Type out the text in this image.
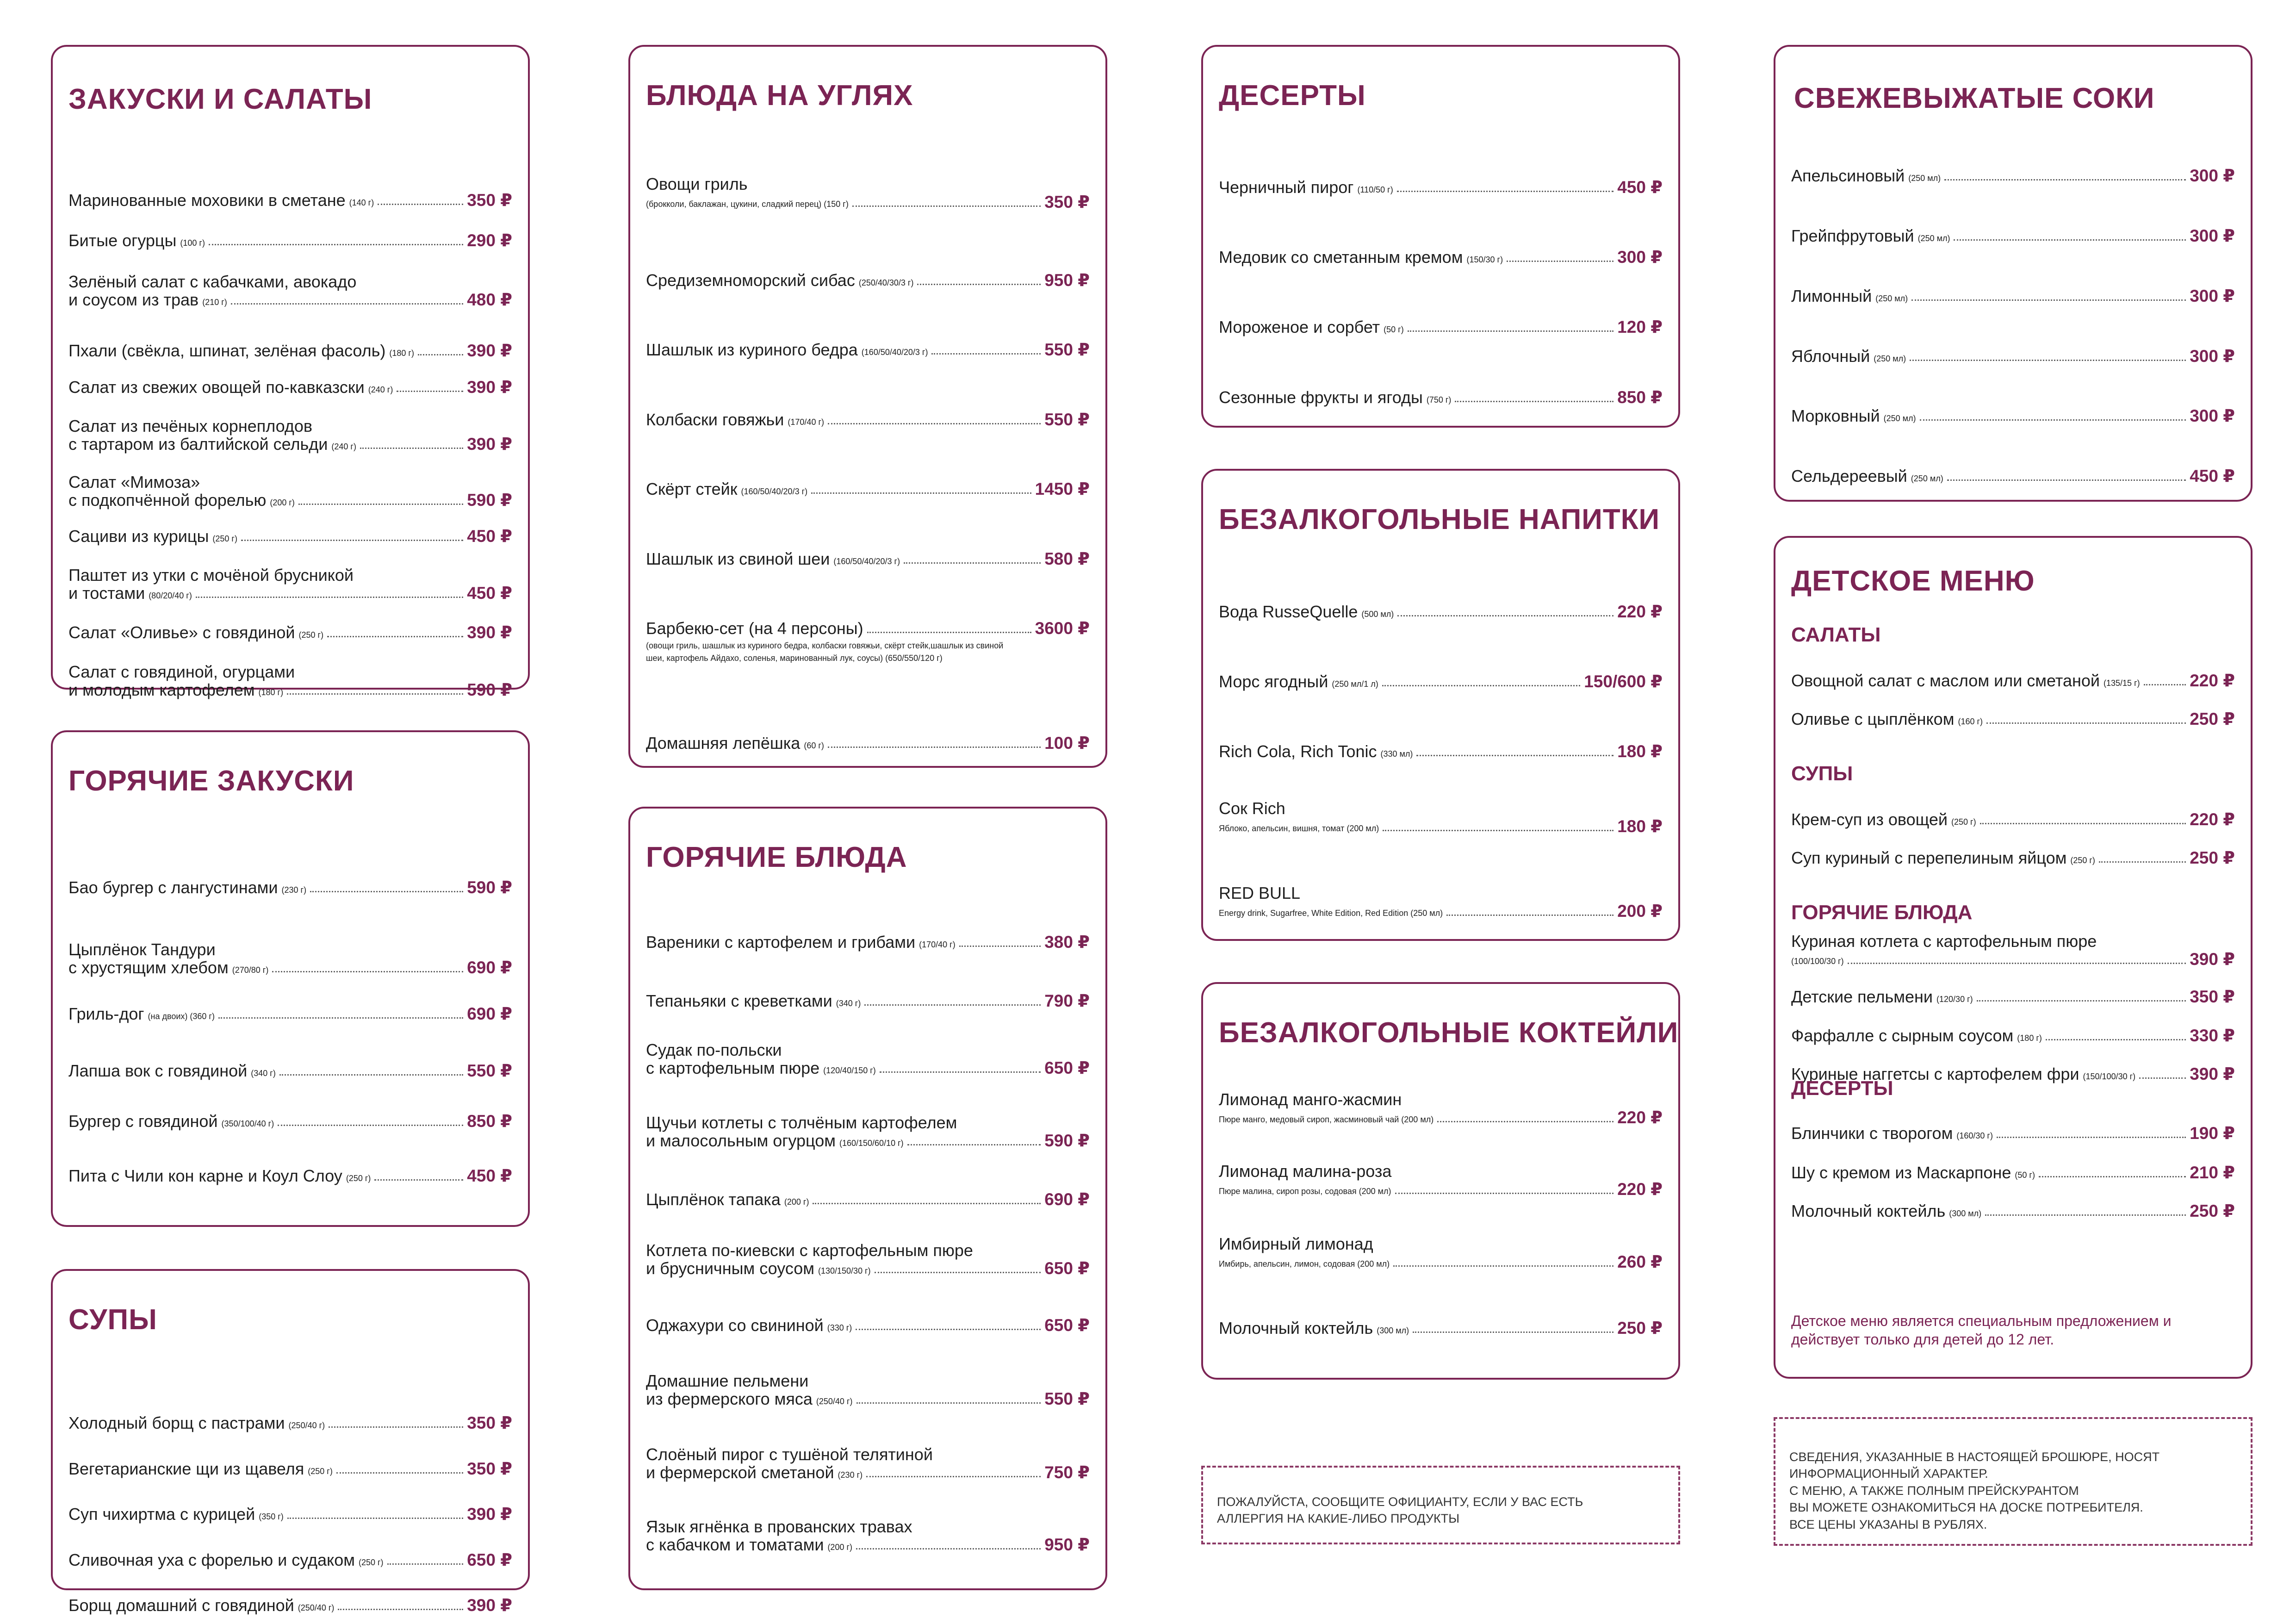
ЗАКУСКИ И САЛАТЫ
Маринованные моховики в сметане (140 г)	350 ₽
Битые огурцы (100 г)	290 ₽
Зелёный салат с кабачками, авокадо
и соусом из трав (210 г)	480 ₽
Пхали (свёкла, шпинат, зелёная фасоль) (180 г)	390 ₽
Салат из свежих овощей по-кавказски (240 г)	390 ₽
Салат из печёных корнеплодов
с тартаром из балтийской сельди (240 г)	390 ₽
Салат «Мимоза»
с подкопчённой форелью (200 г)	590 ₽
Сациви из курицы (250 г)	450 ₽
Паштет из утки с мочёной брусникой
и тостами (80/20/40 г)	450 ₽
Салат «Оливье» с говядиной (250 г)	390 ₽
Салат с говядиной, огурцами
и молодым картофелем (180 г)	590 ₽
ГОРЯЧИЕ ЗАКУСКИ
Бао бургер с лангустинами (230 г)	590 ₽
Цыплёнок Тандури
с хрустящим хлебом (270/80 г)	690 ₽
Гриль-дог (на двоих) (360 г)	690 ₽
Лапша вок с говядиной (340 г)	550 ₽
Бургер с говядиной (350/100/40 г)	850 ₽
Пита с Чили кон карне и Коул Слоу (250 г)	450 ₽
СУПЫ
Холодный борщ с пастрами (250/40 г)	350 ₽
Вегетарианские щи из щавеля (250 г)	350 ₽
Суп чихиртма с курицей (350 г)	390 ₽
Сливочная уха с форелью и судаком (250 г)	650 ₽
Борщ домашний с говядиной (250/40 г)	390 ₽
БЛЮДА НА УГЛЯХ
Овощи гриль
(брокколи, баклажан, цукини, сладкий перец) (150 г)	350 ₽
Средиземноморский сибас (250/40/30/3 г)	950 ₽
Шашлык из куриного бедра (160/50/40/20/3 г)	550 ₽
Колбаски говяжьи (170/40 г)	550 ₽
Скёрт стейк (160/50/40/20/3 г)	1450 ₽
Шашлык из свиной шеи (160/50/40/20/3 г)	580 ₽
Барбекю-сет (на 4 персоны)	3600 ₽
(овощи гриль, шашлык из куриного бедра, колбаски говяжьи, скёрт стейк,шашлык из свиной шеи, картофель Айдахо, соленья, маринованный лук, соусы) (650/550/120 г)
Домашняя лепёшка (60 г)	100 ₽
ГОРЯЧИЕ БЛЮДА
Вареники с картофелем и грибами (170/40 г)	380 ₽
Тепаньяки с креветками (340 г)	790 ₽
Судак по-польски
с картофельным пюре (120/40/150 г)	650 ₽
Щучьи котлеты с толчёным картофелем
и малосольным огурцом (160/150/60/10 г)	590 ₽
Цыплёнок тапака (200 г)	690 ₽
Котлета по-киевски с картофельным пюре
и брусничным соусом (130/150/30 г)	650 ₽
Оджахури со свининой (330 г)	650 ₽
Домашние пельмени
из фермерского мяса (250/40 г)	550 ₽
Слоёный пирог с тушёной телятиной
и фермерской сметаной (230 г)	750 ₽
Язык ягнёнка в прованских травах
с кабачком и томатами (200 г)	950 ₽
ДЕСЕРТЫ
Черничный пирог (110/50 г)	450 ₽
Медовик со сметанным кремом (150/30 г)	300 ₽
Мороженое и сорбет (50 г)	120 ₽
Сезонные фрукты и ягоды (750 г)	850 ₽
БЕЗАЛКОГОЛЬНЫЕ НАПИТКИ
Вода RusseQuelle (500 мл)	220 ₽
Морс ягодный (250 мл/1 л)	150/600 ₽
Rich Cola, Rich Tonic (330 мл)	180 ₽
Сок Rich
Яблоко, апельсин, вишня, томат (200 мл)	180 ₽
RED BULL
Energy drink, Sugarfree, White Edition, Red Edition (250 мл)	200 ₽
БЕЗАЛКОГОЛЬНЫЕ КОКТЕЙЛИ
Лимонад манго-жасмин
Пюре манго, медовый сироп, жасминовый чай (200 мл)	220 ₽
Лимонад малина-роза
Пюре малина, сироп розы, содовая (200 мл)	220 ₽
Имбирный лимонад
Имбирь, апельсин, лимон, содовая (200 мл)	260 ₽
Молочный коктейль (300 мл)	250 ₽
ПОЖАЛУЙСТА, СООБЩИТЕ ОФИЦИАНТУ, ЕСЛИ У ВАС ЕСТЬ АЛЛЕРГИЯ НА КАКИЕ-ЛИБО ПРОДУКТЫ
СВЕЖЕВЫЖАТЫЕ СОКИ
Апельсиновый (250 мл)	300 ₽
Грейпфрутовый (250 мл)	300 ₽
Лимонный (250 мл)	300 ₽
Яблочный (250 мл)	300 ₽
Морковный (250 мл)	300 ₽
Сельдереевый (250 мл)	450 ₽
ДЕТСКОЕ МЕНЮ
САЛАТЫ
Овощной салат с маслом или сметаной (135/15 г)	220 ₽
Оливье с цыплёнком (160 г)	250 ₽
СУПЫ
Крем-суп из овощей (250 г)	220 ₽
Суп куриный с перепелиным яйцом (250 г)	250 ₽
ГОРЯЧИЕ БЛЮДА
Куриная котлета с картофельным пюре
(100/100/30 г)	390 ₽
Детские пельмени (120/30 г)	350 ₽
Фарфалле с сырным соусом (180 г)	330 ₽
Куриные наггетсы с картофелем фри (150/100/30 г)	390 ₽
ДЕСЕРТЫ
Блинчики с творогом (160/30 г)	190 ₽
Шу с кремом из Маскарпоне (50 г)	210 ₽
Молочный коктейль (300 мл)	250 ₽
Детское меню является специальным предложением и действует только для детей до 12 лет.
СВЕДЕНИЯ, УКАЗАННЫЕ В НАСТОЯЩЕЙ БРОШЮРЕ, НОСЯТ
ИНФОРМАЦИОННЫЙ ХАРАКТЕР.
С МЕНЮ, А ТАКЖЕ ПОЛНЫМ ПРЕЙСКУРАНТОМ
ВЫ МОЖЕТЕ ОЗНАКОМИТЬСЯ НА ДОСКЕ ПОТРЕБИТЕЛЯ.
ВСЕ ЦЕНЫ УКАЗАНЫ В РУБЛЯХ.
